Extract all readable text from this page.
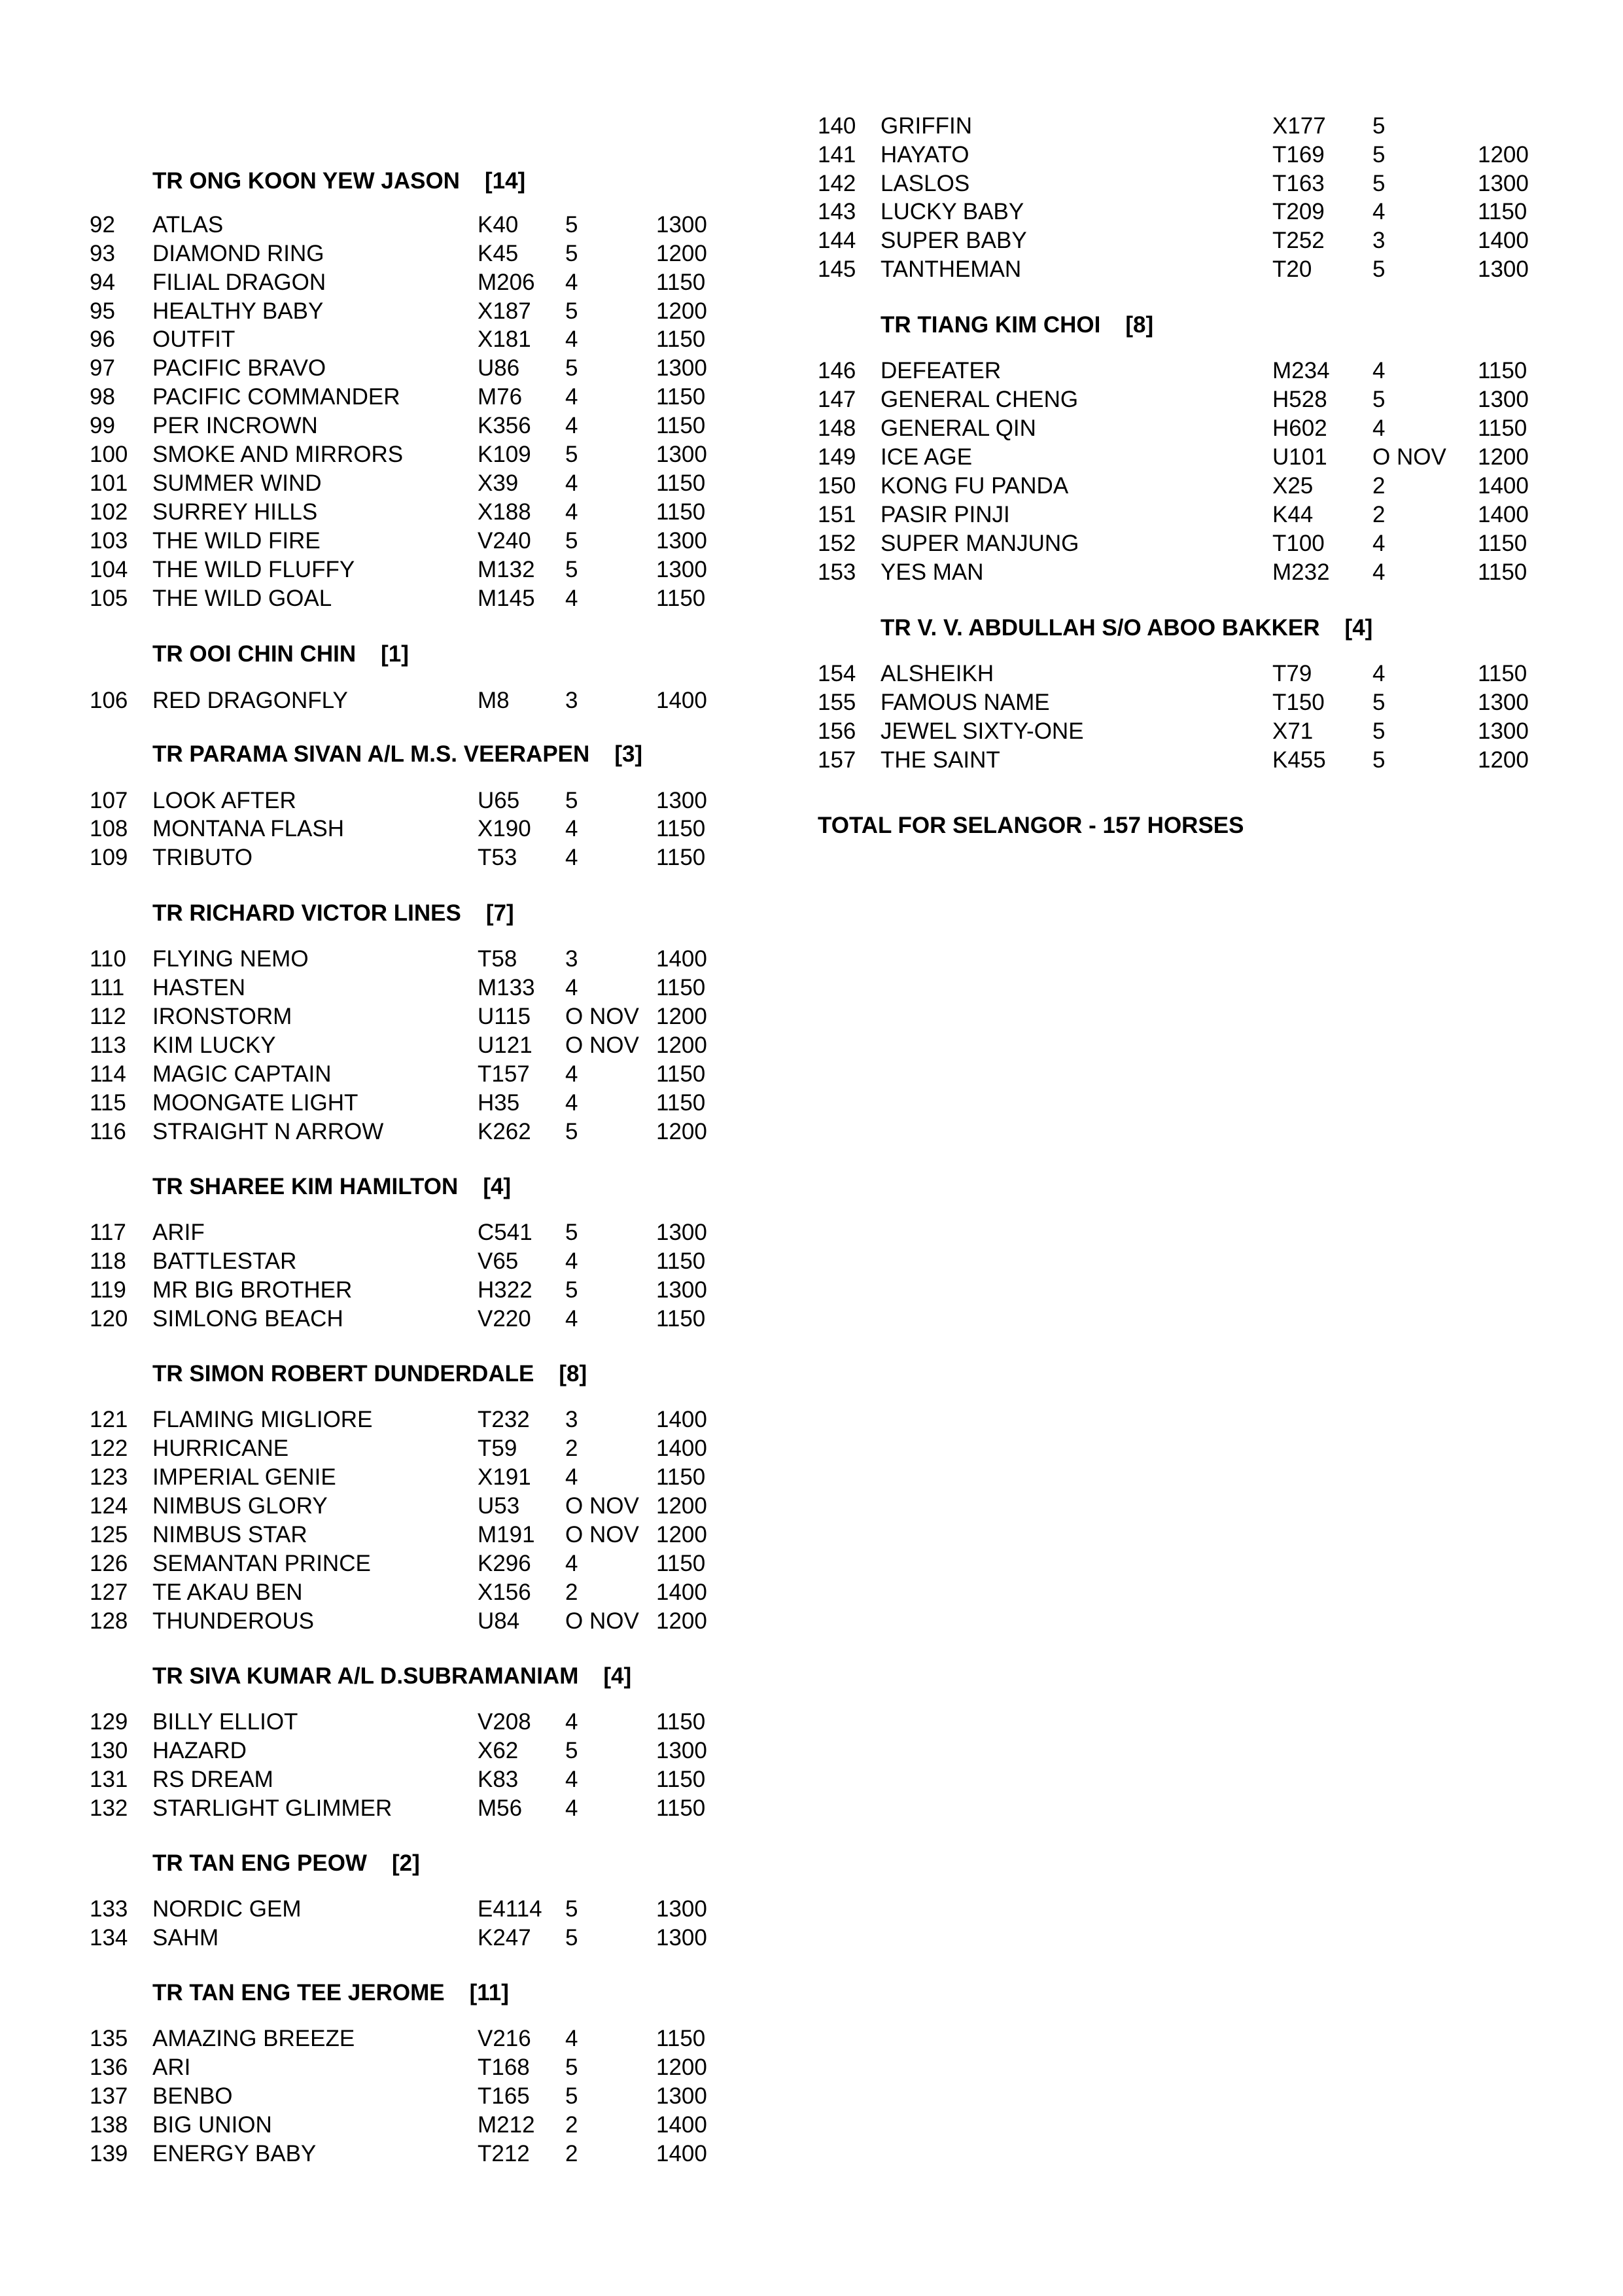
TR ONG KOON YEW JASON [14]
92 ATLAS	K40 5	1300
93 DIAMOND RING	K45 5	1200
94 FILIAL DRAGON	M206 4	1150
95 HEALTHY BABY	X187 5	1200
96 OUTFIT	X181 4	1150
97 PACIFIC BRAVO	U86 5	1300
98 PACIFIC COMMANDER	M76 4	1150
99 PER INCROWN	K356 4	1150
100 SMOKE AND MIRRORS	K109 5	1300
101 SUMMER WIND	X39 4	1150
102 SURREY HILLS	X188 4	1150
103 THE WILD FIRE	V240 5	1300
104 THE WILD FLUFFY	M132 5	1300
105 THE WILD GOAL	M145 4	1150
TR OOI CHIN CHIN [1]
106 RED DRAGONFLY	M8 3	1400
TR PARAMA SIVAN A/L M.S. VEERAPEN [3]
107 LOOK AFTER	U65 5	1300
108 MONTANA FLASH	X190 4	1150
109 TRIBUTO	T53 4	1150
TR RICHARD VICTOR LINES [7]
110 FLYING NEMO	T58 3	1400
111 HASTEN	M133 4	1150
112 IRONSTORM	U115 O NOV 1200
113 KIM LUCKY	U121 O NOV 1200
114 MAGIC CAPTAIN	T157 4	1150
115 MOONGATE LIGHT	H35 4	1150
116 STRAIGHT N ARROW	K262 5	1200
TR SHAREE KIM HAMILTON [4]
117 ARIF	C541 5	1300
118 BATTLESTAR	V65 4	1150
119 MR BIG BROTHER	H322 5	1300
120 SIMLONG BEACH	V220 4	1150
TR SIMON ROBERT DUNDERDALE [8]
121 FLAMING MIGLIORE	T232 3	1400
122 HURRICANE	T59 2	1400
123 IMPERIAL GENIE	X191 4	1150
124 NIMBUS GLORY	U53 O NOV 1200
125 NIMBUS STAR	M191 O NOV 1200
126 SEMANTAN PRINCE	K296 4	1150
127 TE AKAU BEN	X156 2	1400
128 THUNDEROUS	U84 O NOV 1200
TR SIVA KUMAR A/L D.SUBRAMANIAM [4]
129 BILLY ELLIOT	V208 4	1150
130 HAZARD	X62 5	1300
131 RS DREAM	K83 4	1150
132 STARLIGHT GLIMMER	M56 4	1150
TR TAN ENG PEOW [2]
133 NORDIC GEM	E4114 5	1300
134 SAHM	K247 5	1300
TR TAN ENG TEE JEROME [11]
135 AMAZING BREEZE	V216 4	1150
136 ARI	T168 5	1200
137 BENBO	T165 5	1300
138 BIG UNION	M212 2	1400
139 ENERGY BABY	T212 2	1400
TOTAL FOR SELANGOR - 157 HORSES
140 GRIFFIN	X177 5
141 HAYATO	T169 5	1200
142 LASLOS	T163 5	1300
143 LUCKY BABY	T209 4	1150
144 SUPER BABY	T252 3	1400
145 TANTHEMAN	T20	5	1300
TR TIANG KIM CHOI [8]
146 DEFEATER	M234 4	1150
147 GENERAL CHENG	H528 5	1300
148 GENERAL QIN	H602 4	1150
149 ICE AGE	U101 O NOV 1200
150 KONG FU PANDA	X25	2	1400
151 PASIR PINJI	K44	2	1400
152 SUPER MANJUNG	T100 4	1150
153 YES MAN	M232 4	1150
TR V. V. ABDULLAH S/O ABOO BAKKER [4]
154 ALSHEIKH	T79	4	1150
155 FAMOUS NAME	T150 5	1300
156 JEWEL SIXTY-ONE	X71	5	1300
157 THE SAINT	K455 5	1200
